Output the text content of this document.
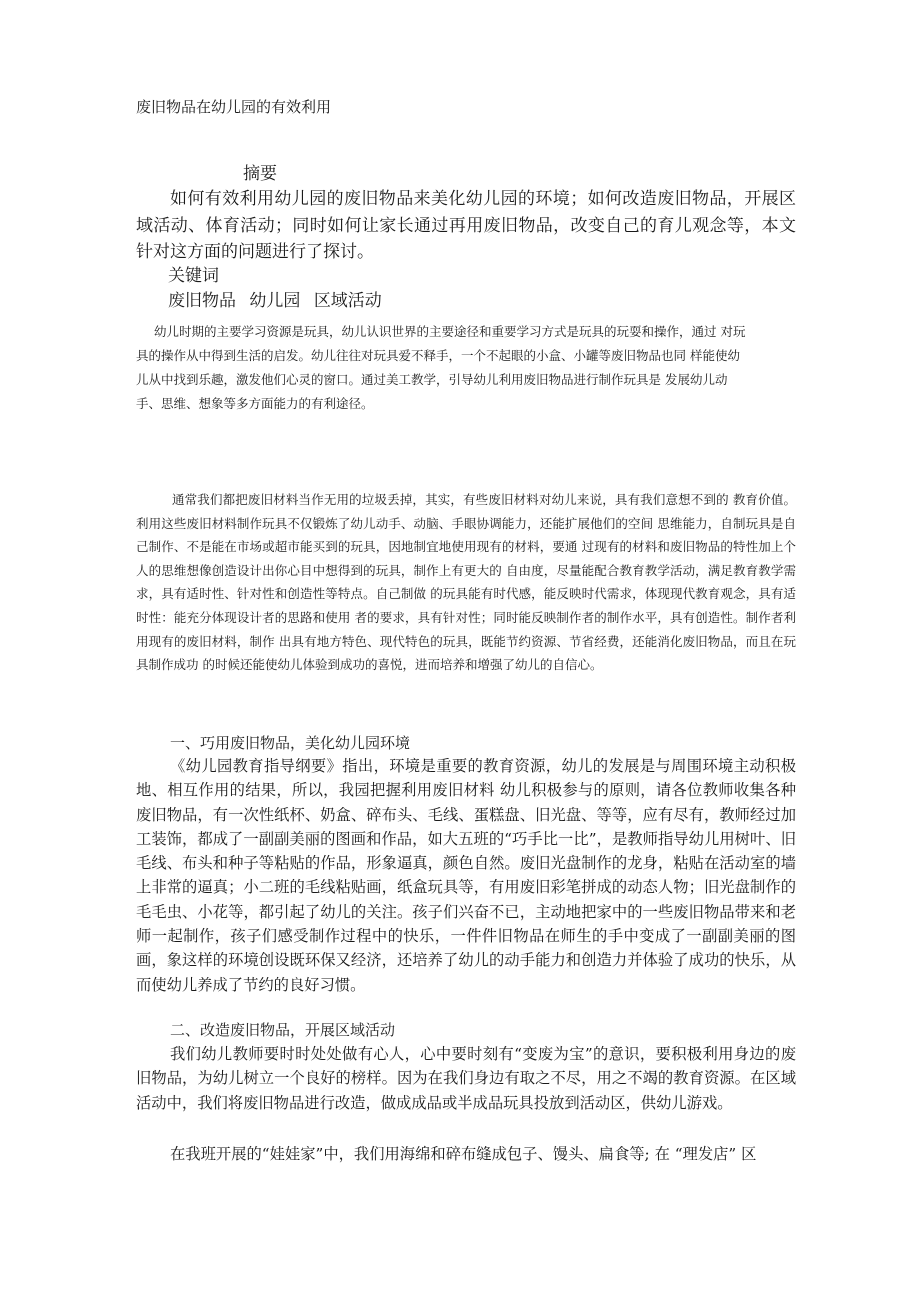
废旧物品在幼儿园的有效利用

摘要

如何有效利用幼儿园的废旧物品来美化幼儿园的环境；如何改造废旧物品，开展区域活动、体育活动；同时如何让家长通过再用废旧物品，改变自己的育儿观念等，本文针对这方面的问题进行了探讨。

关键词

废旧物品 幼儿园 区域活动

幼儿时期的主要学习资源是玩具，幼儿认识世界的主要途径和重要学习方式是玩具的玩耍和操作，通过 对玩
具的操作从中得到生活的启发。幼儿往往对玩具爱不释手，一个不起眼的小盒、小罐等废旧物品也同 样能使幼
儿从中找到乐趣，激发他们心灵的窗口。通过美工教学，引导幼儿利用废旧物品进行制作玩具是 发展幼儿动
手、思维、想象等多方面能力的有利途径。

通常我们都把废旧材料当作无用的垃圾丢掉，其实，有些废旧材料对幼儿来说，具有我们意想不到的 教育价值。利用这些废旧材料制作玩具不仅锻炼了幼儿动手、动脑、手眼协调能力，还能扩展他们的空间 思维能力，自制玩具是自己制作、不是能在市场或超市能买到的玩具，因地制宜地使用现有的材料，要通 过现有的材料和废旧物品的特性加上个人的思维想像创造设计出你心目中想得到的玩具，制作上有更大的 自由度，尽量能配合教育教学活动，满足教育教学需求，具有适时性、针对性和创造性等特点。自己制做 的玩具能有时代感，能反映时代需求，体现现代教育观念，具有适时性：能充分体现设计者的思路和使用 者的要求，具有针对性；同时能反映制作者的制作水平，具有创造性。制作者利用现有的废旧材料，制作 出具有地方特色、现代特色的玩具，既能节约资源、节省经费，还能消化废旧物品，而且在玩具制作成功 的时候还能使幼儿体验到成功的喜悦，进而培养和增强了幼儿的自信心。

一、巧用废旧物品，美化幼儿园环境

《幼儿园教育指导纲要》指出，环境是重要的教育资源，幼儿的发展是与周围环境主动积极地、相互作用的结果，所以，我园把握利用废旧材料 幼儿积极参与的原则，请各位教师收集各种废旧物品，有一次性纸杯、奶盒、碎布头、毛线、蛋糕盘、旧光盘、等等，应有尽有，教师经过加工装饰，都成了一副副美丽的图画和作品，如大五班的“巧手比一比”，是教师指导幼儿用树叶、旧毛线、布头和种子等粘贴的作品，形象逼真，颜色自然。废旧光盘制作的龙身，粘贴在活动室的墙上非常的逼真；小二班的毛线粘贴画，纸盒玩具等，有用废旧彩笔拼成的动态人物；旧光盘制作的毛毛虫、小花等，都引起了幼儿的关注。孩子们兴奋不已，主动地把家中的一些废旧物品带来和老师一起制作，孩子们感受制作过程中的快乐，一件件旧物品在师生的手中变成了一副副美丽的图画，象这样的环境创设既环保又经济，还培养了幼儿的动手能力和创造力并体验了成功的快乐，从而使幼儿养成了节约的良好习惯。

二、改造废旧物品，开展区域活动

我们幼儿教师要时时处处做有心人，心中要时刻有“变废为宝”的意识，要积极利用身边的废旧物品，为幼儿树立一个良好的榜样。因为在我们身边有取之不尽，用之不竭的教育资源。在区域活动中，我们将废旧物品进行改造，做成成品或半成品玩具投放到活动区，供幼儿游戏。

在我班开展的“娃娃家”中，我们用海绵和碎布缝成包子、馒头、扁食等; 在 “理发店” 区
